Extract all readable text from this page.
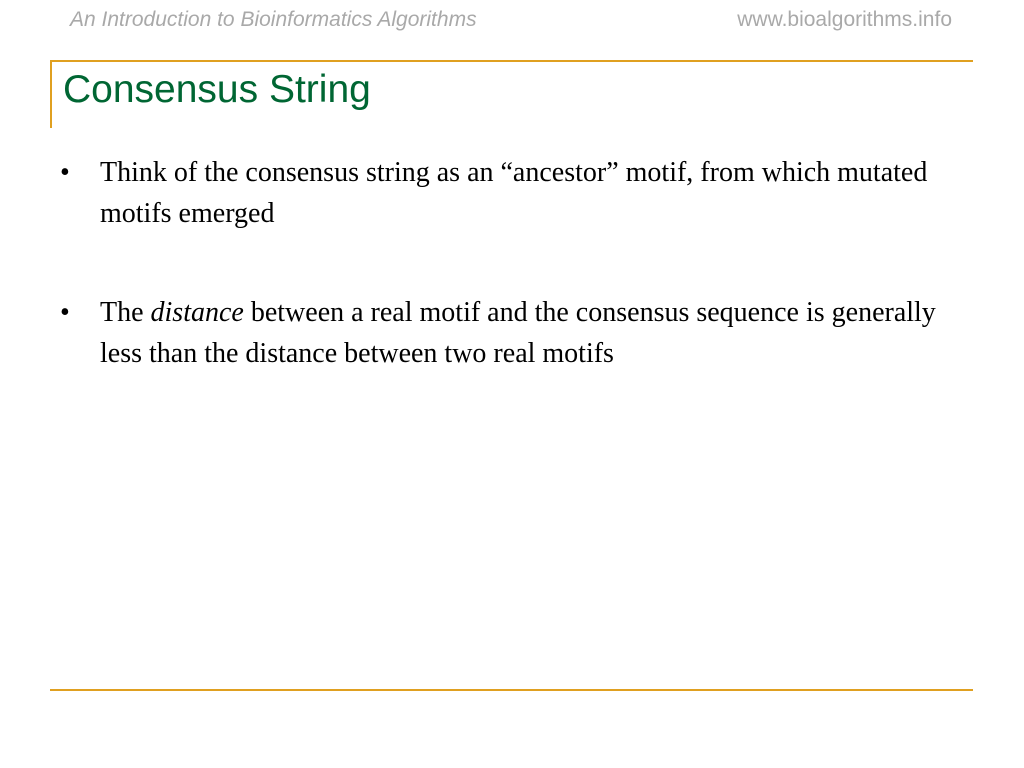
An Introduction to Bioinformatics Algorithms	www.bioalgorithms.info
Consensus String
• Think of the consensus string as an “ancestor” motif, from which mutated motifs emerged
• The distance between a real motif and the consensus sequence is generally less than the distance between two real motifs
